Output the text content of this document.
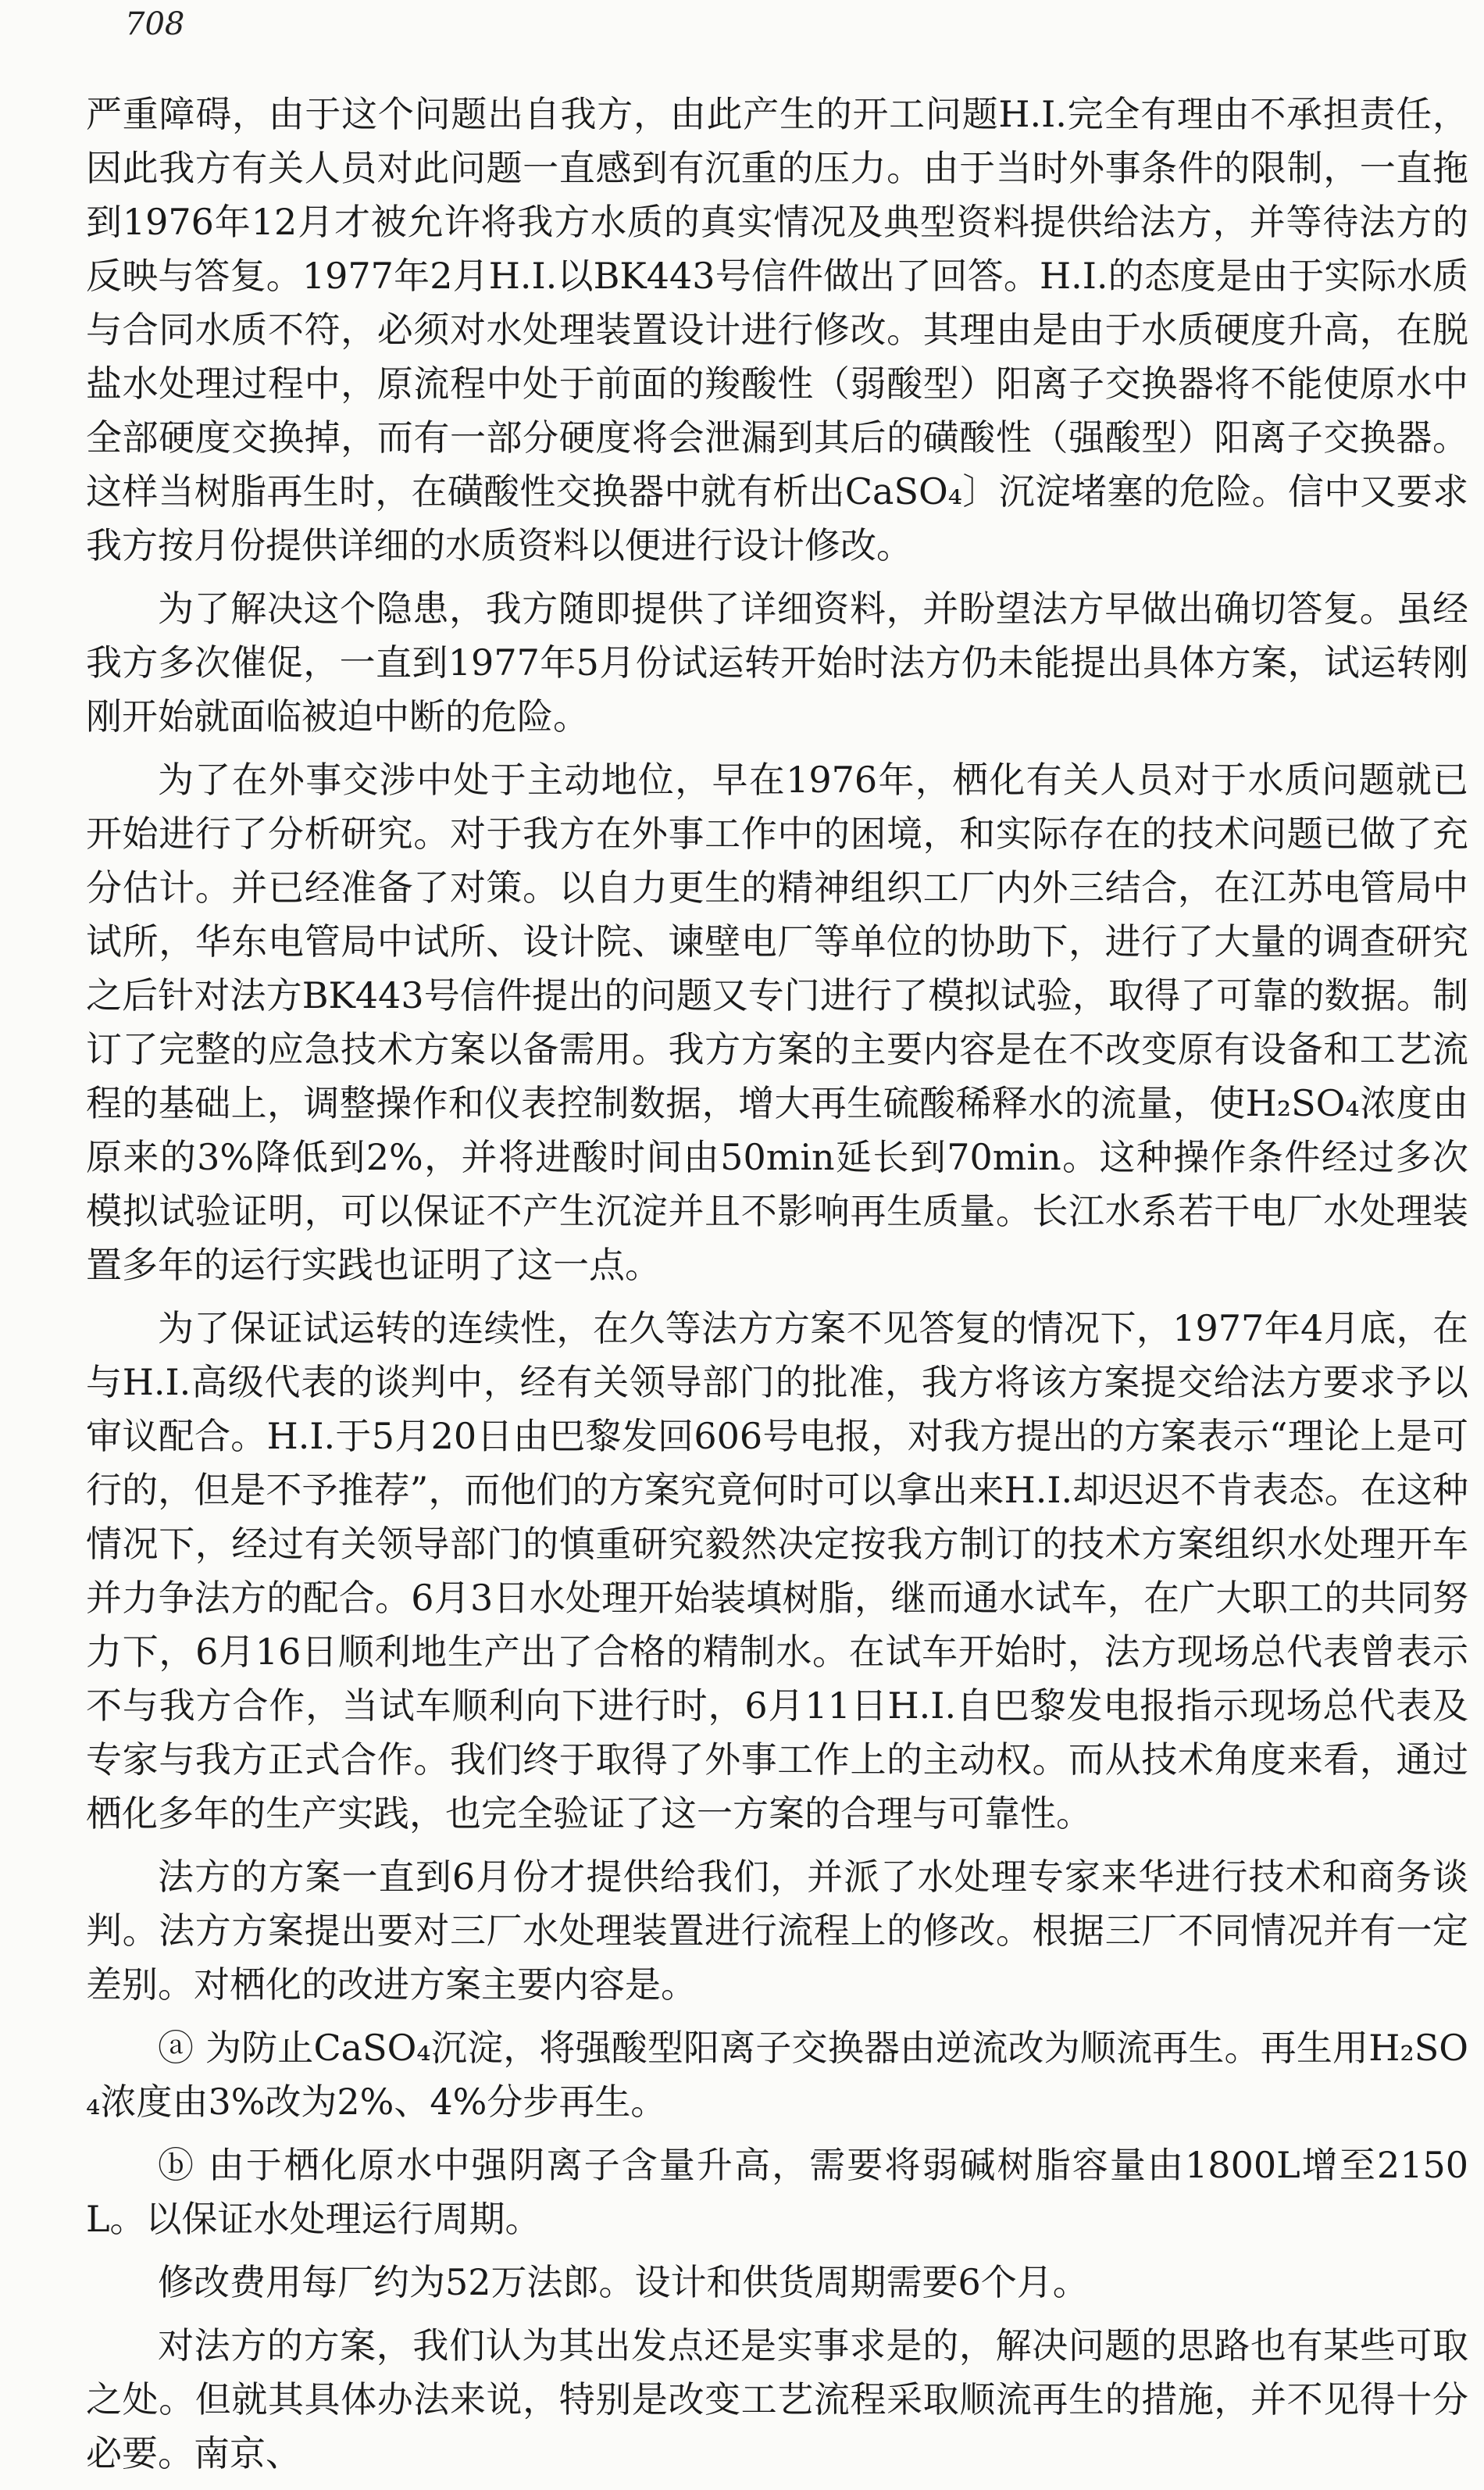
708

严重障碍，由于这个问题出自我方，由此产生的开工问题H.I.完全有理由不承担责任，因此我方有关人员对此问题一直感到有沉重的压力。由于当时外事条件的限制，一直拖到1976年12月才被允许将我方水质的真实情况及典型资料提供给法方，并等待法方的反映与答复。1977年2月H.I.以BK443号信件做出了回答。H.I.的态度是由于实际水质与合同水质不符，必须对水处理装置设计进行修改。其理由是由于水质硬度升高，在脱盐水处理过程中，原流程中处于前面的羧酸性（弱酸型）阳离子交换器将不能使原水中全部硬度交换掉，而有一部分硬度将会泄漏到其后的磺酸性（强酸型）阳离子交换器。这样当树脂再生时，在磺酸性交换器中就有析出CaSO₄〕沉淀堵塞的危险。信中又要求我方按月份提供详细的水质资料以便进行设计修改。

为了解决这个隐患，我方随即提供了详细资料，并盼望法方早做出确切答复。虽经我方多次催促，一直到1977年5月份试运转开始时法方仍未能提出具体方案，试运转刚刚开始就面临被迫中断的危险。

为了在外事交涉中处于主动地位，早在1976年，栖化有关人员对于水质问题就已开始进行了分析研究。对于我方在外事工作中的困境，和实际存在的技术问题已做了充分估计。并已经准备了对策。以自力更生的精神组织工厂内外三结合，在江苏电管局中试所，华东电管局中试所、设计院、谏壁电厂等单位的协助下，进行了大量的调查研究之后针对法方BK443号信件提出的问题又专门进行了模拟试验，取得了可靠的数据。制订了完整的应急技术方案以备需用。我方方案的主要内容是在不改变原有设备和工艺流程的基础上，调整操作和仪表控制数据，增大再生硫酸稀释水的流量，使H₂SO₄浓度由原来的3%降低到2%，并将进酸时间由50min延长到70min。这种操作条件经过多次模拟试验证明，可以保证不产生沉淀并且不影响再生质量。长江水系若干电厂水处理装置多年的运行实践也证明了这一点。

为了保证试运转的连续性，在久等法方方案不见答复的情况下，1977年4月底，在与H.I.高级代表的谈判中，经有关领导部门的批准，我方将该方案提交给法方要求予以审议配合。H.I.于5月20日由巴黎发回606号电报，对我方提出的方案表示“理论上是可行的，但是不予推荐”，而他们的方案究竟何时可以拿出来H.I.却迟迟不肯表态。在这种情况下，经过有关领导部门的慎重研究毅然决定按我方制订的技术方案组织水处理开车并力争法方的配合。6月3日水处理开始装填树脂，继而通水试车，在广大职工的共同努力下，6月16日顺利地生产出了合格的精制水。在试车开始时，法方现场总代表曾表示不与我方合作，当试车顺利向下进行时，6月11日H.I.自巴黎发电报指示现场总代表及专家与我方正式合作。我们终于取得了外事工作上的主动权。而从技术角度来看，通过栖化多年的生产实践，也完全验证了这一方案的合理与可靠性。

法方的方案一直到6月份才提供给我们，并派了水处理专家来华进行技术和商务谈判。法方方案提出要对三厂水处理装置进行流程上的修改。根据三厂不同情况并有一定差别。对栖化的改进方案主要内容是。

ⓐ 为防止CaSO₄沉淀，将强酸型阳离子交换器由逆流改为顺流再生。再生用H₂SO₄浓度由3%改为2%、4%分步再生。

ⓑ 由于栖化原水中强阴离子含量升高，需要将弱碱树脂容量由1800L增至2150L。以保证水处理运行周期。

修改费用每厂约为52万法郎。设计和供货周期需要6个月。

对法方的方案，我们认为其出发点还是实事求是的，解决问题的思路也有某些可取之处。但就其具体办法来说，特别是改变工艺流程采取顺流再生的措施，并不见得十分必要。南京、
